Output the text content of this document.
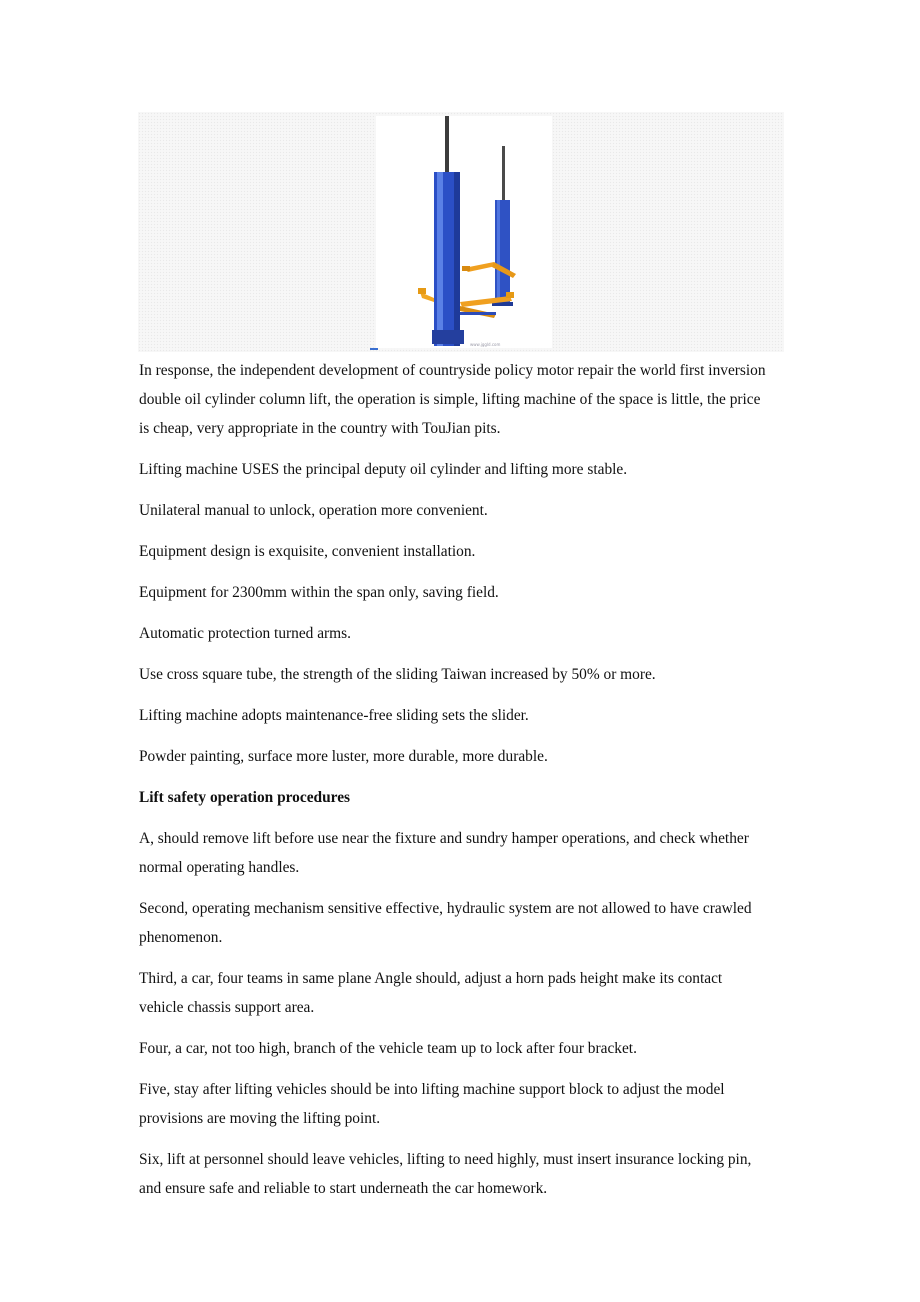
www.jggld.com

In response, the independent development of countryside policy motor repair the world first inversion double oil cylinder column lift, the operation is simple, lifting machine of the space is little, the price is cheap, very appropriate in the country with TouJian pits.

Lifting machine USES the principal deputy oil cylinder and lifting more stable.

Unilateral manual to unlock, operation more convenient.

Equipment design is exquisite, convenient installation.

Equipment for 2300mm within the span only, saving field.

Automatic protection turned arms.

Use cross square tube, the strength of the sliding Taiwan increased by 50% or more.

Lifting machine adopts maintenance-free sliding sets the slider.

Powder painting, surface more luster, more durable, more durable.

Lift safety operation procedures

A, should remove lift before use near the fixture and sundry hamper operations, and check whether normal operating handles.

Second, operating mechanism sensitive effective, hydraulic system are not allowed to have crawled phenomenon.

Third, a car, four teams in same plane Angle should, adjust a horn pads height make its contact vehicle chassis support area.

Four, a car, not too high, branch of the vehicle team up to lock after four bracket.

Five, stay after lifting vehicles should be into lifting machine support block to adjust the model provisions are moving the lifting point.

Six, lift at personnel should leave vehicles, lifting to need highly, must insert insurance locking pin, and ensure safe and reliable to start underneath the car homework.
